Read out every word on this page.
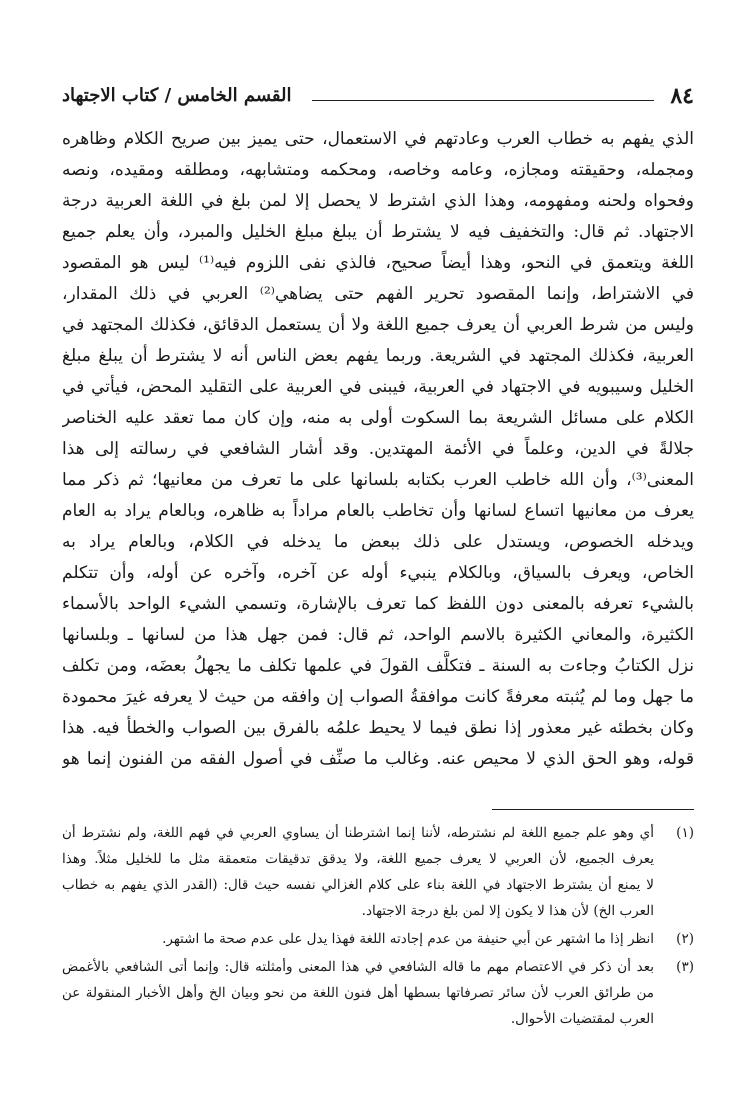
٨٤
القسم الخامس / كتاب الاجتهاد
الذي يفهم به خطاب العرب وعادتهم في الاستعمال، حتى يميز بين صريح الكلام وظاهره
ومجمله، وحقيقته ومجازه، وعامه وخاصه، ومحكمه ومتشابهه، ومطلقه ومقيده، ونصه
وفحواه ولحنه ومفهومه، وهذا الذي اشترط لا يحصل إلا لمن بلغ في اللغة العربية درجة
الاجتهاد. ثم قال: والتخفيف فيه لا يشترط أن يبلغ مبلغ الخليل والمبرد، وأن يعلم جميع
اللغة ويتعمق في النحو، وهذا أيضاً صحيح، فالذي نفى اللزوم فيه⁽¹⁾ ليس هو المقصود
في الاشتراط، وإنما المقصود تحرير الفهم حتى يضاهي⁽²⁾ العربي في ذلك المقدار،
وليس من شرط العربي أن يعرف جميع اللغة ولا أن يستعمل الدقائق، فكذلك المجتهد في
العربية، فكذلك المجتهد في الشريعة. وربما يفهم بعض الناس أنه لا يشترط أن يبلغ مبلغ
الخليل وسيبويه في الاجتهاد في العربية، فيبنى في العربية على التقليد المحض، فيأتي في
الكلام على مسائل الشريعة بما السكوت أولى به منه، وإن كان مما تعقد عليه الخناصر
جلالةً في الدين، وعلماً في الأئمة المهتدين. وقد أشار الشافعي في رسالته إلى هذا
المعنى⁽³⁾، وأن الله خاطب العرب بكتابه بلسانها على ما تعرف من معانيها؛ ثم ذكر مما
يعرف من معانيها اتساع لسانها وأن تخاطب بالعام مراداً به ظاهره، وبالعام يراد به العام
ويدخله الخصوص، ويستدل على ذلك ببعض ما يدخله في الكلام، وبالعام يراد به
الخاص، ويعرف بالسياق، وبالكلام ينبيء أوله عن آخره، وآخره عن أوله، وأن تتكلم
بالشيء تعرفه بالمعنى دون اللفظ كما تعرف بالإشارة، وتسمي الشيء الواحد بالأسماء
الكثيرة، والمعاني الكثيرة بالاسم الواحد، ثم قال: فمن جهل هذا من لسانها ـ وبلسانها
نزل الكتابُ وجاءت به السنة ـ فتكلَّف القولَ في علمها تكلف ما يجهلُ بعضَه، ومن تكلف
ما جهل وما لم يُثبته معرفةً كانت موافقةُ الصواب إن وافقه من حيث لا يعرفه غيرَ محمودة
وكان بخطئه غير معذور إذا نطق فيما لا يحيط علمُه بالفرق بين الصواب والخطأ فيه. هذا
قوله، وهو الحق الذي لا محيص عنه. وغالب ما صنِّف في أصول الفقه من الفنون إنما هو
(١)
أي وهو علم جميع اللغة لم نشترطه، لأننا إنما اشترطنا أن يساوي العربي في فهم اللغة، ولم نشترط أن
يعرف الجميع، لأن العربي لا يعرف جميع اللغة، ولا يدقق تدقيقات متعمقة مثل ما للخليل مثلاً. وهذا
لا يمنع أن يشترط الاجتهاد في اللغة بناء على كلام الغزالي نفسه حيث قال: (القدر الذي يفهم به خطاب
العرب الخ) لأن هذا لا يكون إلا لمن بلغ درجة الاجتهاد.
(٢)
انظر إذا ما اشتهر عن أبي حنيفة من عدم إجادته اللغة فهذا يدل على عدم صحة ما اشتهر.
(٣)
بعد أن ذكر في الاعتصام مهم ما قاله الشافعي في هذا المعنى وأمثلته قال: وإنما أتى الشافعي بالأغمض
من طرائق العرب لأن سائر تصرفاتها بسطها أهل فنون اللغة من نحو وبيان الخ وأهل الأخبار المنقولة عن
العرب لمقتضيات الأحوال.
